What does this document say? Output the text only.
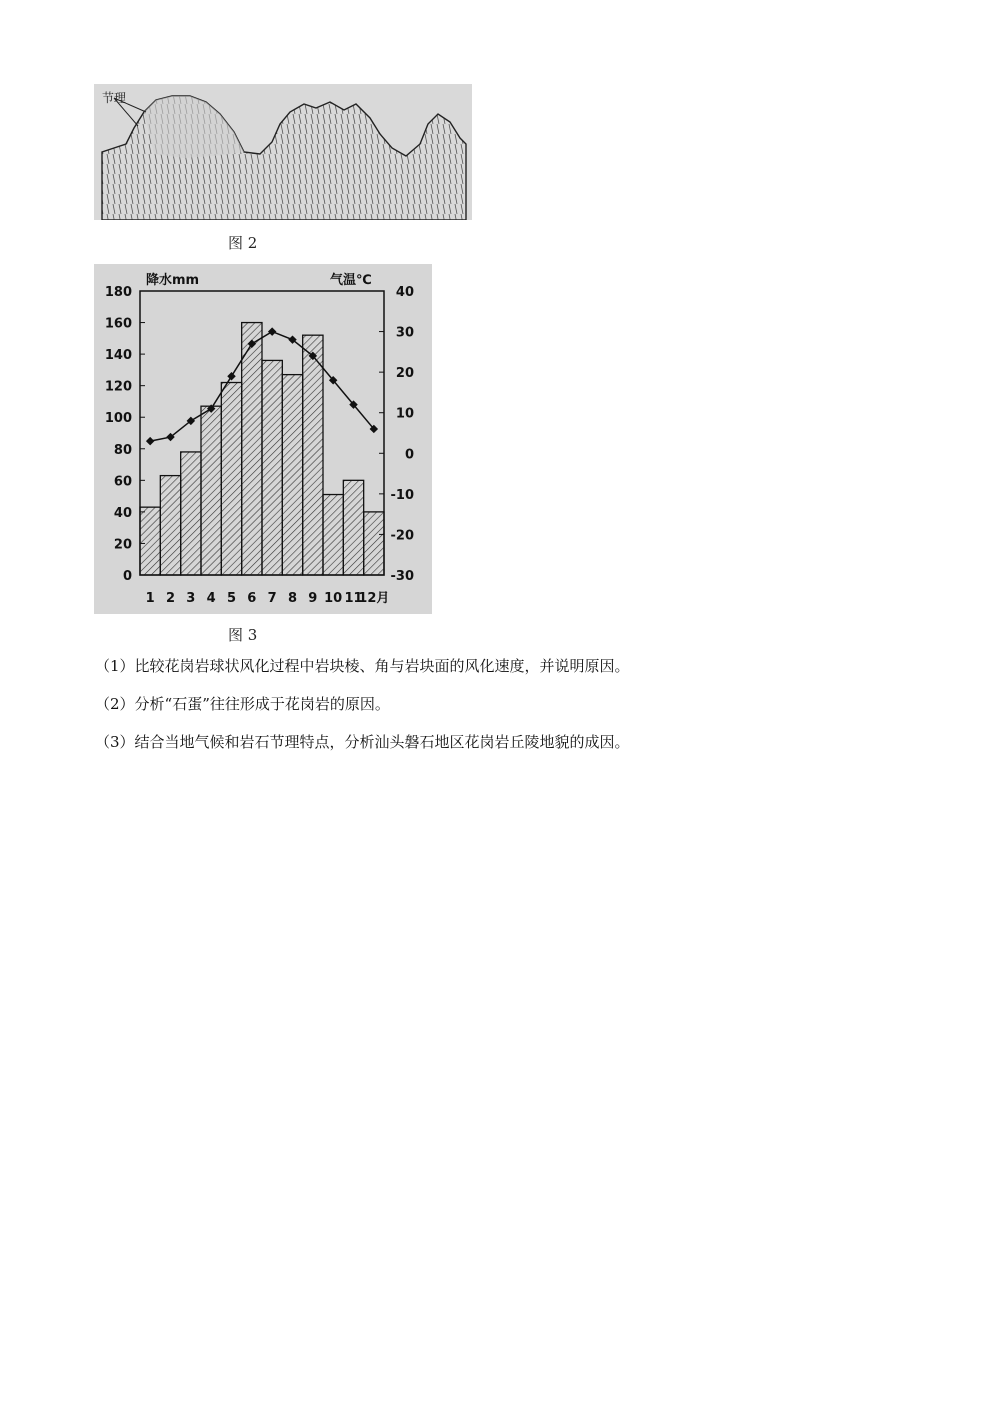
节理
图 2
0
20
40
60
80
100
120
140
160
180
-30
-20
-10
0
10
20
30
40
1 2 3 4 5 6 7 8 9 10 11
12月
降水mm	气温℃
图 3

（1）比较花岗岩球状风化过程中岩块棱、角与岩块面的风化速度，并说明原因。

（2）分析“石蛋”往往形成于花岗岩的原因。

（3）结合当地气候和岩石节理特点，分析汕头磐石地区花岗岩丘陵地貌的成因。
